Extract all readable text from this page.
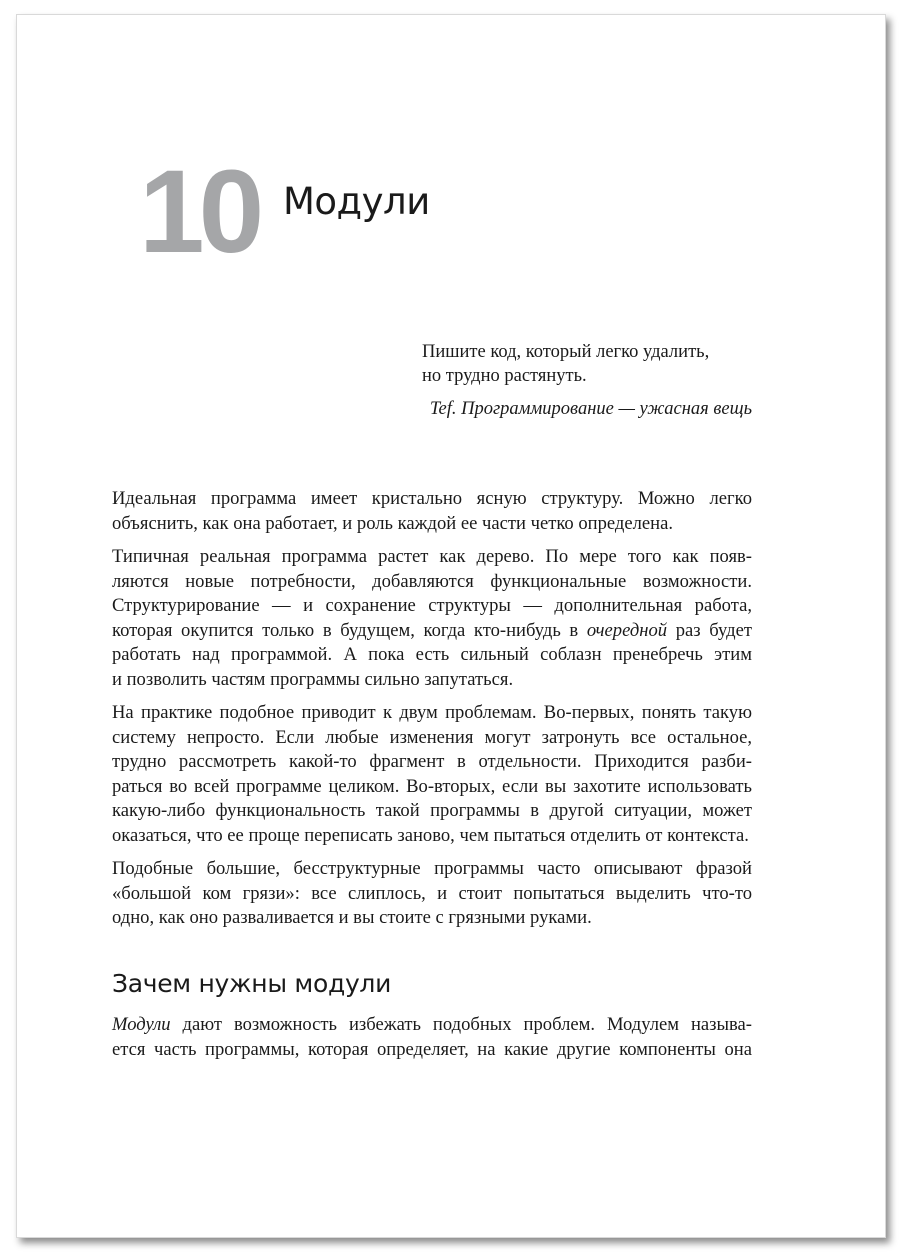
10 Модули

Пишите код, который легко удалить,

но трудно растянуть.

Tef. Программирование — ужасная вещь
Идеальная программа имеет кристально ясную структуру. Можно легко
объяснить, как она работает, и роль каждой ее части четко определена.
Типичная реальная программа растет как дерево. По мере того как появ-
ляются новые потребности, добавляются функциональные возможности.
Структурирование — и сохранение структуры — дополнительная работа,
которая окупится только в будущем, когда кто-нибудь в очередной раз будет
работать над программой. А пока есть сильный соблазн пренебречь этим
и позволить частям программы сильно запутаться.
На практике подобное приводит к двум проблемам. Во-первых, понять такую
систему непросто. Если любые изменения могут затронуть все остальное,
трудно рассмотреть какой-то фрагмент в отдельности. Приходится разби-
раться во всей программе целиком. Во-вторых, если вы захотите использовать
какую-либо функциональность такой программы в другой ситуации, может
оказаться, что ее проще переписать заново, чем пытаться отделить от контекста.
Подобные большие, бесструктурные программы часто описывают фразой
«большой ком грязи»: все слиплось, и стоит попытаться выделить что-то
одно, как оно разваливается и вы стоите с грязными руками.
Зачем нужны модули
Модули дают возможность избежать подобных проблем. Модулем называ-
ется часть программы, которая определяет, на какие другие компоненты она
